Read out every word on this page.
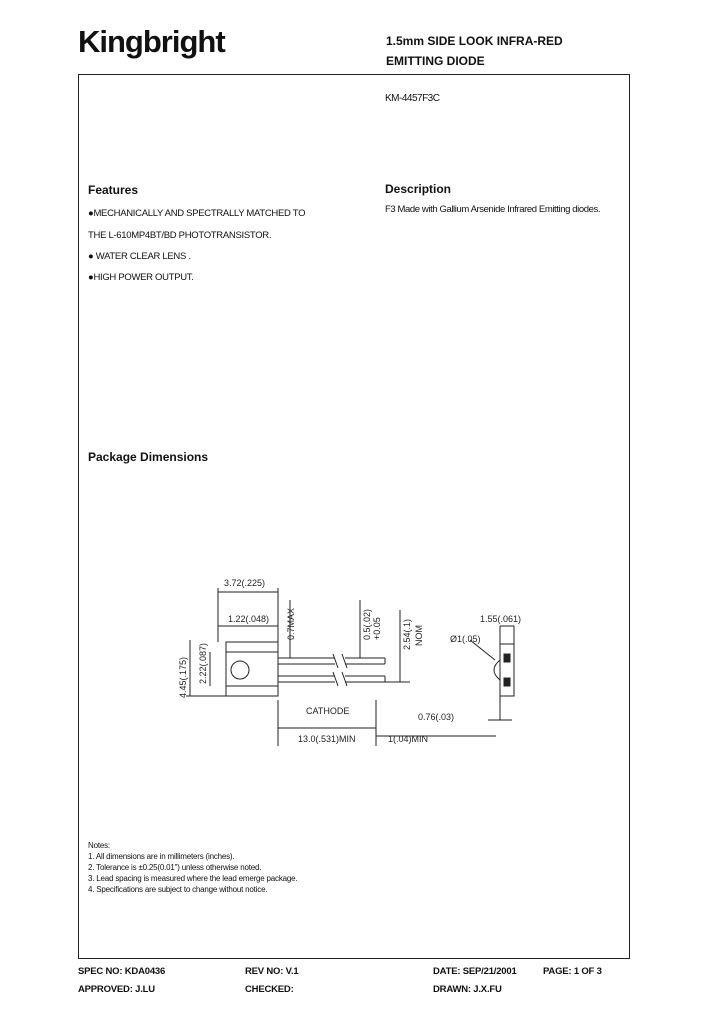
Kingbright	1.5mm SIDE LOOK INFRA-RED
EMITTING DIODE
KM-4457F3C
Features
●MECHANICALLY AND SPECTRALLY MATCHED TO
THE L-610MP4BT/BD PHOTOTRANSISTOR.
● WATER CLEAR LENS .
●HIGH POWER OUTPUT.
Description
F3 Made with Gallium Arsenide Infrared Emitting diodes.
Package Dimensions
3.72(.225)
1.22(.048) 0.7MAX	0.5(.02) +0.05 2.54(.1) NOM
4.45(.175) 2.22(.087)
CATHODE
13.0(.531)MIN	1(.04)MIN
1.55(.061)
Ø1(.05)
0.76(.03)
Notes:
1. All dimensions are in millimeters (inches).
2. Tolerance is ±0.25(0.01") unless otherwise noted.
3. Lead spacing is measured where the lead emerge package.
4. Specifications are subject to change without notice.
SPEC NO: KDA0436	REV NO: V.1	DATE: SEP/21/2001	PAGE: 1 OF 3
APPROVED: J.LU	CHECKED:	DRAWN: J.X.FU
